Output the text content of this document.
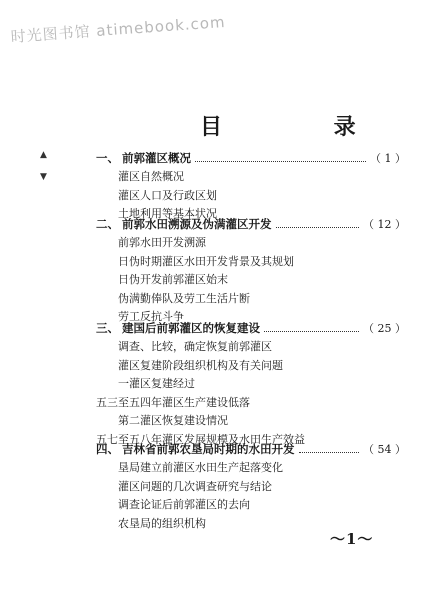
时光图书馆 atimebook.com
目 录
▲
▼
一、 前郭灌区概况	（ 1 ）
灌区自然概况
灌区人口及行政区划
土地利用等基本状况
二、 前郭水田溯源及伪满灌区开发	（ 12 ）
前郭水田开发溯源
日伪时期灌区水田开发背景及其规划
日伪开发前郭灌区始末
伪满勤俸队及劳工生活片断
劳工反抗斗争
三、 建国后前郭灌区的恢复建设	（ 25 ）
调查、比较，确定恢复前郭灌区
灌区复建阶段组织机构及有关问题
一灌区复建经过
五三至五四年灌区生产建设低落
第二灌区恢复建设情况
五七至五八年灌区发展规模及水田生产效益
四、 吉林省前郭农垦局时期的水田开发	（ 54 ）
垦局建立前灌区水田生产起落变化
灌区问题的几次调查研究与结论
调查论证后前郭灌区的去向
农垦局的组织机构
～1～
